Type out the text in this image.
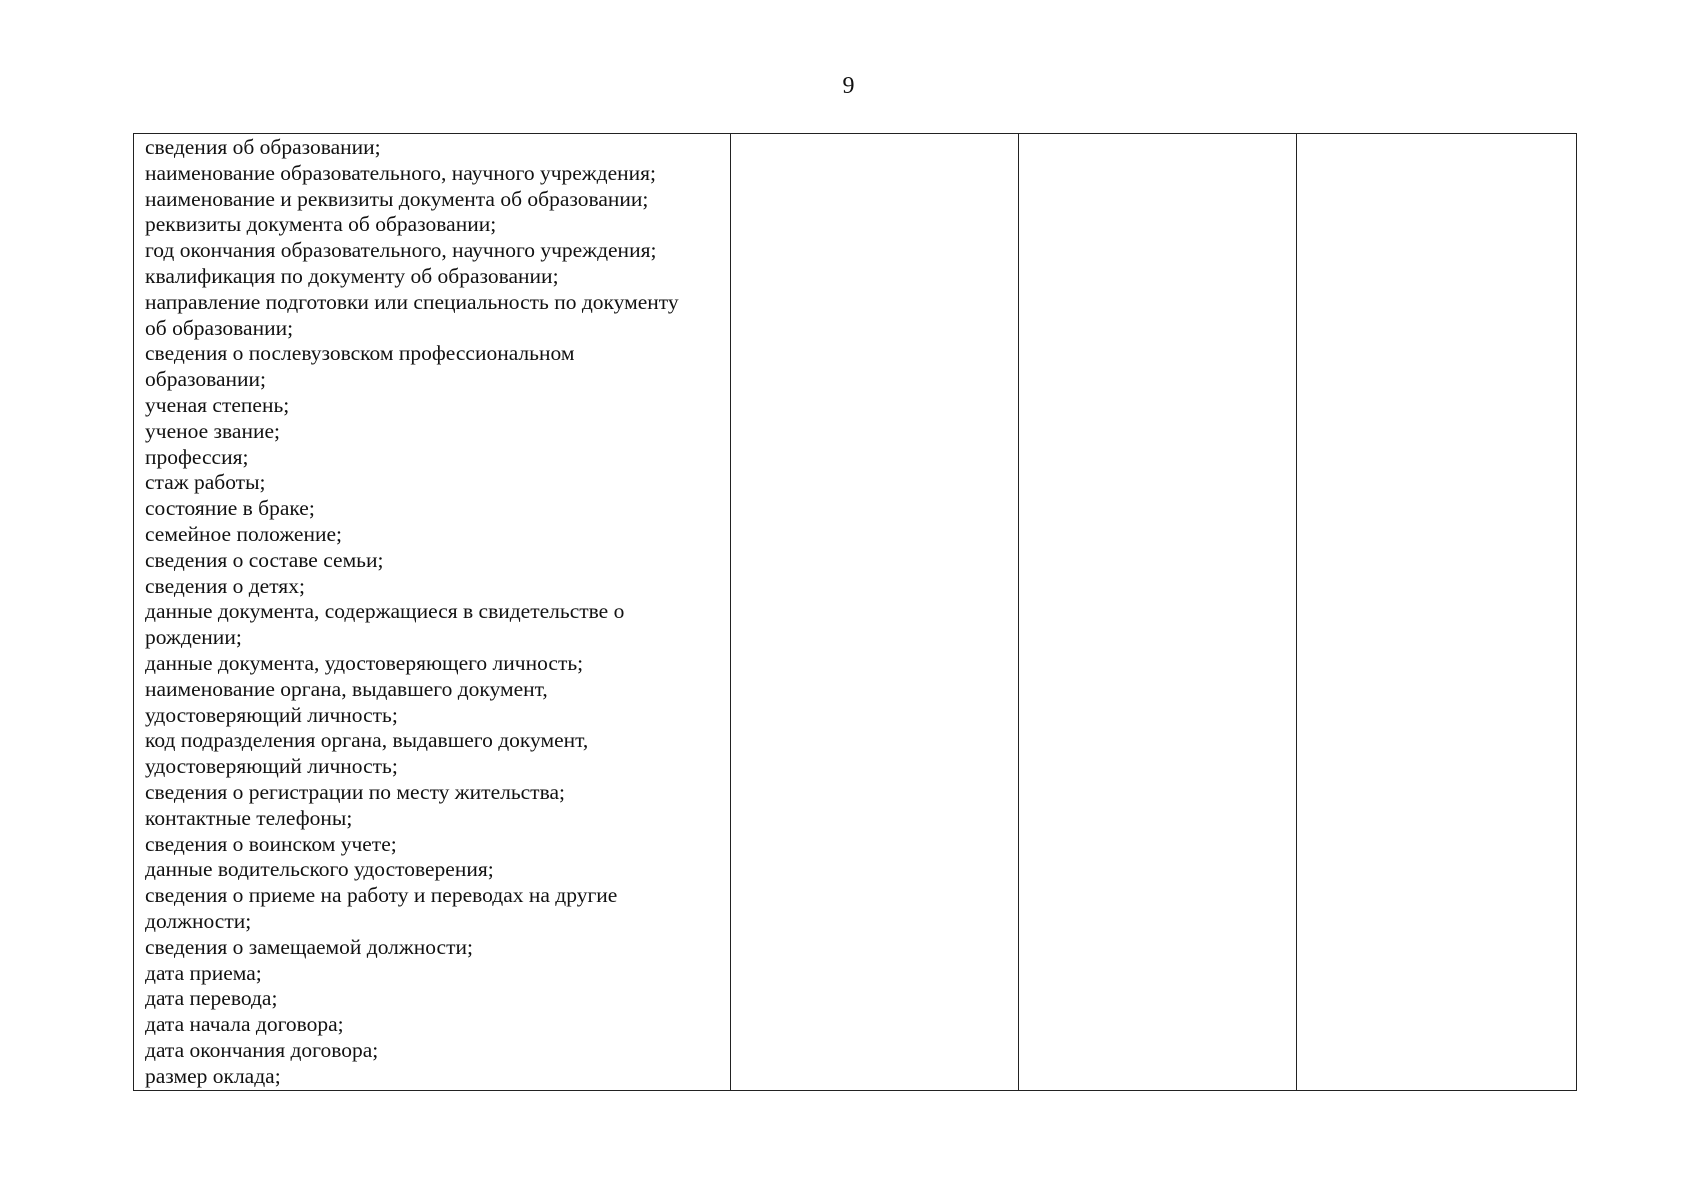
9
сведения об образовании;
наименование образовательного, научного учреждения;
наименование и реквизиты документа об образовании;
реквизиты документа об образовании;
год окончания образовательного, научного учреждения;
квалификация по документу об образовании;
направление подготовки или специальность по документу
об образовании;
сведения о послевузовском профессиональном
образовании;
ученая степень;
ученое звание;
профессия;
стаж работы;
состояние в браке;
семейное положение;
сведения о составе семьи;
сведения о детях;
данные документа, содержащиеся в свидетельстве о
рождении;
данные документа, удостоверяющего личность;
наименование органа, выдавшего документ,
удостоверяющий личность;
код подразделения органа, выдавшего документ,
удостоверяющий личность;
сведения о регистрации по месту жительства;
контактные телефоны;
сведения о воинском учете;
данные водительского удостоверения;
сведения о приеме на работу и переводах на другие
должности;
сведения о замещаемой должности;
дата приема;
дата перевода;
дата начала договора;
дата окончания договора;
размер оклада;
